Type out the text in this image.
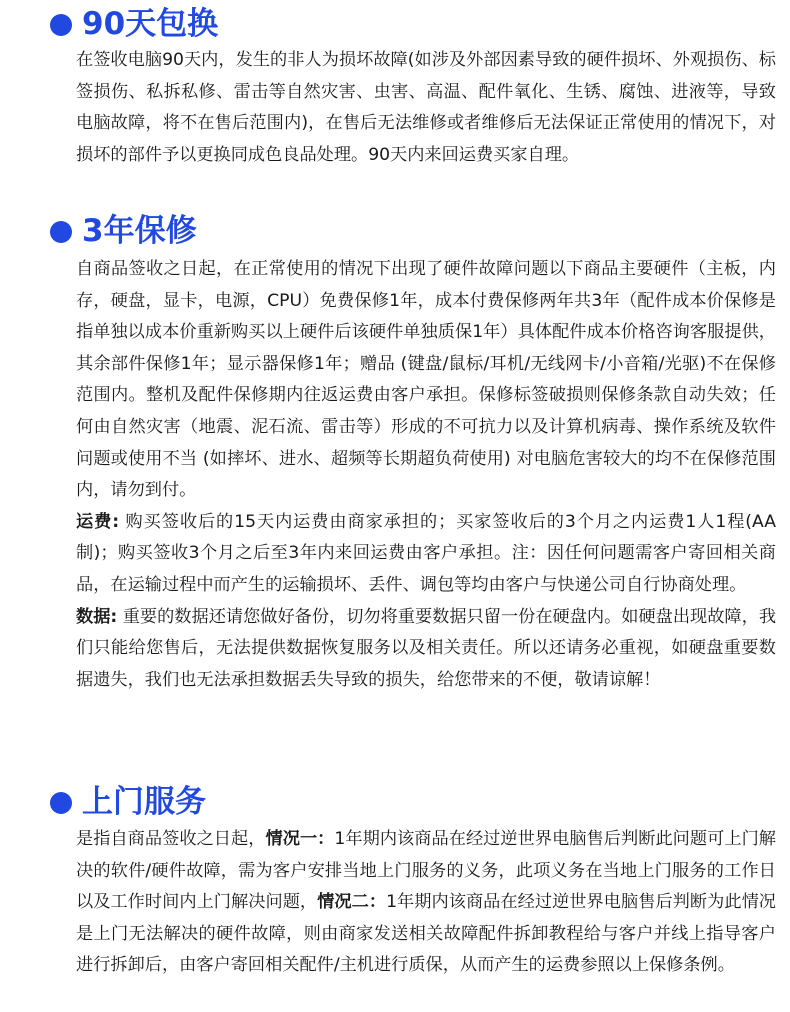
90天包换

在签收电脑90天内，发生的非人为损坏故障(如涉及外部因素导致的硬件损坏、外观损伤、标签损伤、私拆私修、雷击等自然灾害、虫害、高温、配件氧化、生锈、腐蚀、进液等，导致电脑故障，将不在售后范围内)，在售后无法维修或者维修后无法保证正常使用的情况下，对损坏的部件予以更换同成色良品处理。90天内来回运费买家自理。

3年保修

自商品签收之日起，在正常使用的情况下出现了硬件故障问题以下商品主要硬件（主板，内存，硬盘，显卡，电源，CPU）免费保修1年，成本付费保修两年共3年（配件成本价保修是指单独以成本价重新购买以上硬件后该硬件单独质保1年）具体配件成本价格咨询客服提供，其余部件保修1年；显示器保修1年；赠品 (键盘/鼠标/耳机/无线网卡/小音箱/光驱)不在保修范围内。整机及配件保修期内往返运费由客户承担。保修标签破损则保修条款自动失效；任何由自然灾害（地震、泥石流、雷击等）形成的不可抗力以及计算机病毒、操作系统及软件问题或使用不当 (如摔坏、进水、超频等长期超负荷使用) 对电脑危害较大的均不在保修范围内，请勿到付。

运费: 购买签收后的15天内运费由商家承担的；买家签收后的3个月之内运费1人1程(AA制)；购买签收3个月之后至3年内来回运费由客户承担。注：因任何问题需客户寄回相关商品，在运输过程中而产生的运输损坏、丢件、调包等均由客户与快递公司自行协商处理。

数据: 重要的数据还请您做好备份，切勿将重要数据只留一份在硬盘内。如硬盘出现故障，我们只能给您售后，无法提供数据恢复服务以及相关责任。所以还请务必重视，如硬盘重要数据遗失，我们也无法承担数据丢失导致的损失，给您带来的不便，敬请谅解！

上门服务

是指自商品签收之日起，情况一：1年期内该商品在经过逆世界电脑售后判断此问题可上门解决的软件/硬件故障，需为客户安排当地上门服务的义务，此项义务在当地上门服务的工作日以及工作时间内上门解决问题，情况二：1年期内该商品在经过逆世界电脑售后判断为此情况是上门无法解决的硬件故障，则由商家发送相关故障配件拆卸教程给与客户并线上指导客户进行拆卸后，由客户寄回相关配件/主机进行质保，从而产生的运费参照以上保修条例。
